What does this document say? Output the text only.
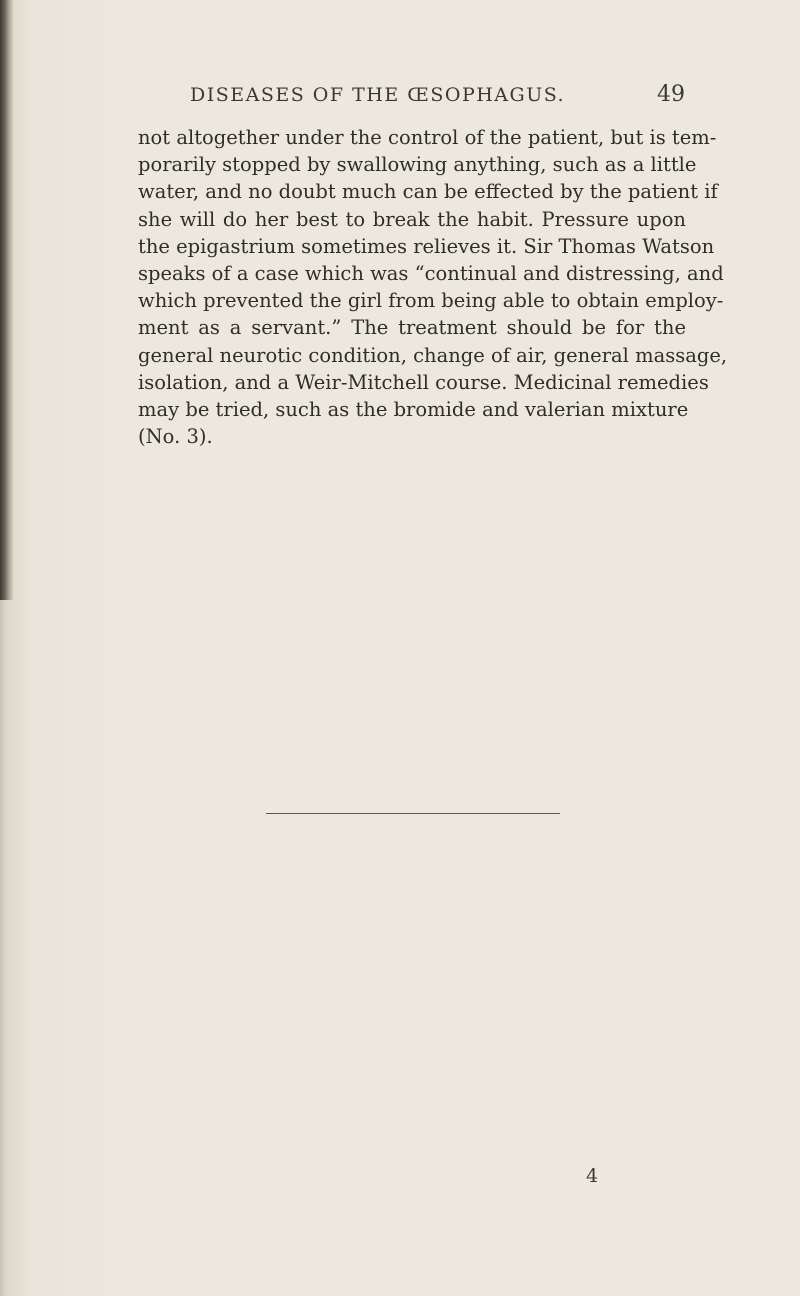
DISEASES OF THE ŒSOPHAGUS.	49
not altogether under the control of the patient, but is tem-
porarily stopped by swallowing anything, such as a little
water, and no doubt much can be effected by the patient if
she will do her best to break the habit. Pressure upon
the epigastrium sometimes relieves it. Sir Thomas Watson
speaks of a case which was “continual and distressing, and
which prevented the girl from being able to obtain employ-
ment as a servant.” The treatment should be for the
general neurotic condition, change of air, general massage,
isolation, and a Weir-Mitchell course. Medicinal remedies
may be tried, such as the bromide and valerian mixture
(No. 3).
4
